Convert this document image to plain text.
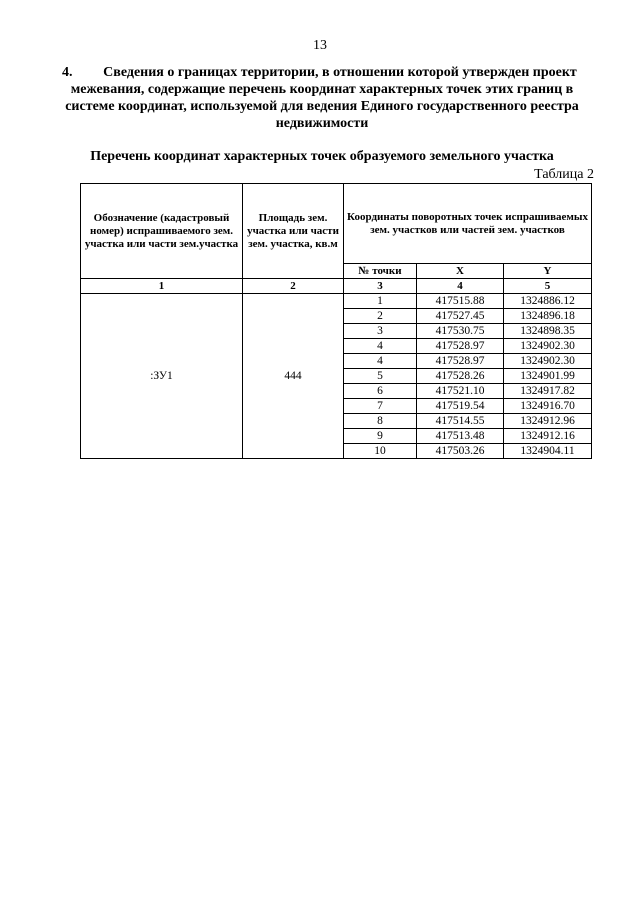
13
4.	Сведения о границах территории, в отношении которой утвержден проект
межевания, содержащие перечень координат характерных точек этих границ в системе координат, используемой для ведения Единого государственного реестра недвижимости
Перечень координат характерных точек образуемого земельного участка
Таблица 2
Обозначение (кадастровый номер) испрашиваемого зем. участка или части зем.участка	Площадь зем. участка или части зем. участка, кв.м	Координаты поворотных точек испрашиваемых зем. участков или частей зем. участков		
		№ точки	X	Y
1	2	3	4	5
:ЗУ1	444	1	417515.88	1324886.12
		2	417527.45	1324896.18
		3	417530.75	1324898.35
		4	417528.97	1324902.30
		4	417528.97	1324902.30
		5	417528.26	1324901.99
		6	417521.10	1324917.82
		7	417519.54	1324916.70
		8	417514.55	1324912.96
		9	417513.48	1324912.16
		10	417503.26	1324904.11
